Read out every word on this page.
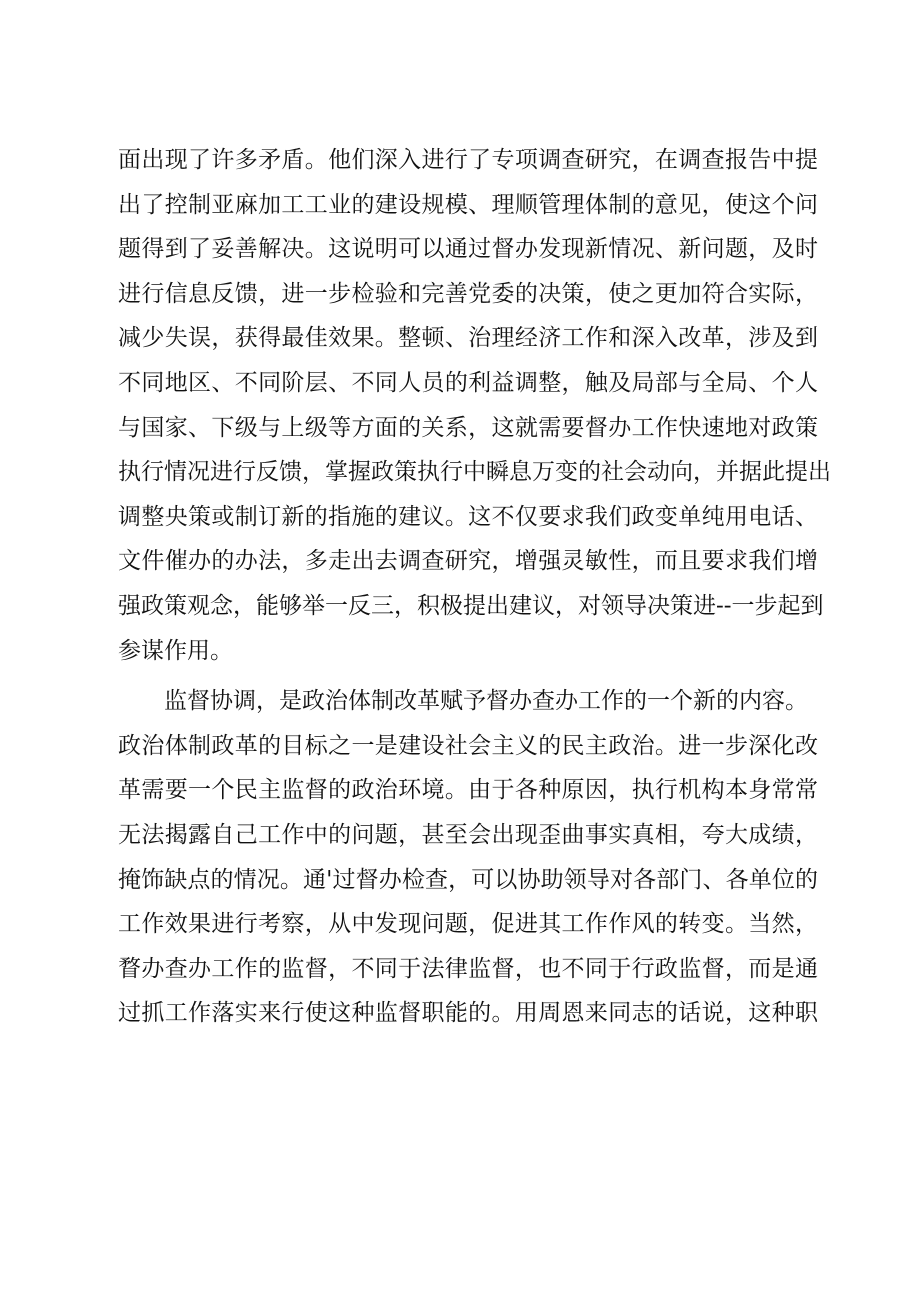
面出现了许多矛盾。他们深入进行了专项调查研究，在调查报告中提
出了控制亚麻加工工业的建设规模、理顺管理体制的意见，使这个问
题得到了妥善解决。这说明可以通过督办发现新情况、新问题，及时
进行信息反馈，进一步检验和完善党委的决策，使之更加符合实际，
减少失误，获得最佳效果。整顿、治理经济工作和深入改革，涉及到
不同地区、不同阶层、不同人员的利益调整，触及局部与全局、个人
与国家、下级与上级等方面的关系，这就需要督办工作快速地对政策
执行情况进行反馈，掌握政策执行中瞬息万变的社会动向，并据此提出
调整央策或制订新的指施的建议。这不仅要求我们政变单纯用电话、
文件催办的办法，多走出去调查研究，增强灵敏性，而且要求我们增
强政策观念，能够举一反三，积极提出建议，对领导决策进--一步起到
参谋作用。
监督协调，是政治体制改革赋予督办查办工作的一个新的内容。
政治体制政革的目标之一是建设社会主义的民主政治。进一步深化改
革需要一个民主监督的政治环境。由于各种原因，执行机构本身常常
无法揭露自己工作中的问题，甚至会出现歪曲事实真相，夸大成绩，
掩饰缺点的情况。通'过督办检查，可以协助领导对各部门、各单位的
工作效果进行考察，从中发现问题，促进其工作作风的转变。当然，
瞀办查办工作的监督，不同于法律监督，也不同于行政监督，而是通
过抓工作落实来行使这种监督职能的。用周恩来同志的话说，这种职
